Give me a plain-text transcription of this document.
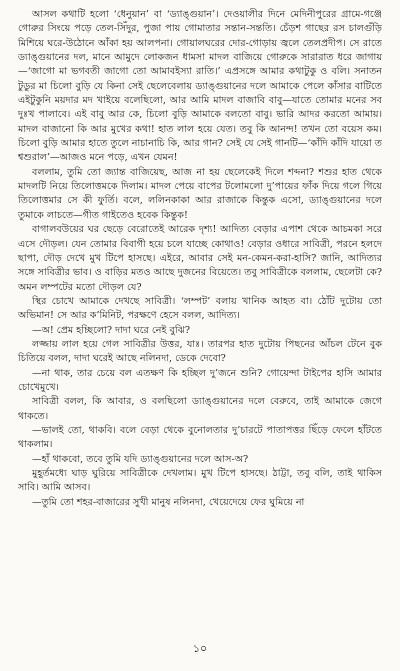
আসল কথাটি হলো ‘ধেনুয়ান’ বা ‘ড্যাঙ্গুয়ান’। দেওয়ালীর দিনে মেদিনীপুরের গ্রামে-গঞ্জে গোরুর সিংয়ে পড়ে তেল-সিঁদুর, পুজা পায় গোমাতার সন্তান-সন্ততি। চেঁড়শ গাছের রস চালগুঁড়ি মিশিয়ে ঘরে-উঠোনে আঁকা হয় আলপনা। গোয়ালঘরের দোর-গোড়ায় জ্বলে তেলপ্রদীপ। সে রাতে ড্যাঙ্গুয়ানের দল, মানে আমুদে লোকজন ধামসা মাদল বাজিয়ে গোরুকে সারারাত ধরে জাগায়—‘জাগো মা ভগবতী জাগো তো আমাবইস্যা রাতি।’ এপ্রসঙ্গে আমার কথাটুকু ও বলি। সনাতন টুডুর মা চিলো বুড়ি যে কিনা সেই ছেলেবেলায় ড্যাঙ্গুয়ানের দলে আমাকে পেলে কাঁসার বাটিতে এইটুকুনি ময়দার মদ খাইয়ে বলেছিলো, আর আমি মাদল বাজাবি বাবু—যাতে তোমার মনের সব দুঃখ পালাবে। এই বাবু আর কে, চিলো বুড়ি আমাকে বলতো বাবু। ভারি আদর করতো আমায়। মাদল বাজানো কি আর মুখের কথা! হাত লাল হয়ে যেত। তবু কি আনন্দ! তখন তো বয়েস কম। চিলো বুড়ি আমার হাতে তুলে নাচানাচি কি, আর গান? সেই যে সেই গানটি—‘কাঁদি কাঁদি যায়ো ত শ্বশুরাল’—আজও মনে পড়ে, এখন যেমন!

বললাম, তুমি তো জ্যান্ত বাজিয়েছ, আজ না হয় ছেলেকেই দিলে শব্দনা? শশুর হাত থেকে মাদলটি নিয়ে তিলোত্তমকে দিলাম। মাদল পেয়ে বাপের টলোমলো দু’পায়ের ফাঁক দিয়ে গলে গিয়ে তিলোত্তমার সে কী ফুর্তি। বলে, ললিনকাকা আর রাজাকে কিন্তুক এসো, ড্যাঙ্গুয়ানের দলে তুমাকে লাচতে—গীত গাইতেও হবেক কিন্তুক!

বাগালবউয়ের ঘর ছেড়ে বেরোতেই আরেক দৃশ্য! আদিত্য বেড়ার এপাশ থেকে আচমকা সরে এসে দৌড়ল। যেন তোমার বিবাগী হয়ে চলে যাচ্ছে কোথাও! বেড়ার ওধারে সাবিত্রী, পরনে হলদে ছাপা, দৌড় দেখে মুখ টিপে হাসছে। এইরে, আবার সেই মন-কেমন-করা-হাসি? জানি, আদিত্যর সঙ্গে সাবিত্রীর ভাব। ও বাড়ির মতও আছে দুজনের বিয়েতে। তবু সাবিত্রীকে বললাম, ছেলেটা কে? অমন লম্পটের মতো দৌড়ল যে?

স্থির চোখে আমাকে দেখছে সাবিত্রী। ‘লম্পট’ বলায় খানিক আহত বা। ঠোঁট দুটোয় তো অভিমান! সে আর ক’মিনিট, পরক্ষণে হেসে বলল, আদিত্য।

—অ! প্রেম হচ্ছিলো? দাদা ঘরে নেই বুঝি?

লজ্জায় লাল হয়ে গেল সাবিত্রীর উত্তর, যাঃ। তারপর হাত দুটোয় পিছনের আঁচল টেনে বুক চিতিয়ে বলল, দাদা ঘরেই আছে নলিনদা, ডেকে দেবো?

—না থাক, তার চেয়ে বল এতক্ষণ কি হচ্ছিল দু’জনে শুনি? গোয়েন্দা টাইপের হাসি আমার চোখেমুখে।

সাবিত্রী বলল, কি আবার, ও বলছিলো ড্যাঙ্গুয়ানের দলে বেরুবে, তাই আমাকে জেগে থাকতে।

—ভালই তো, থাকবি। বলে বেড়া থেকে বুনোলতার দু’চারটে পাতাপত্তর ছিঁড়ে ফেলে হাঁটতে থাকলাম।

—হাঁ থাকবো, তবে তুমি যদি ড্যাঙ্গুয়ানের দলে আস-অ?

মুহূর্তমধ্যে ঘাড় ঘুরিয়ে সাবিত্রীকে দেখলাম। মুখ টিপে হাসছে। ঠাট্টা, তবু বলি, তাই থাকিস সাবি। আমি আসব।

—তুমি তো শহর-বাজারের সুখী মানুষ নলিনদা, খেয়েদেয়ে ফের ঘুমিয়ে না

১০
